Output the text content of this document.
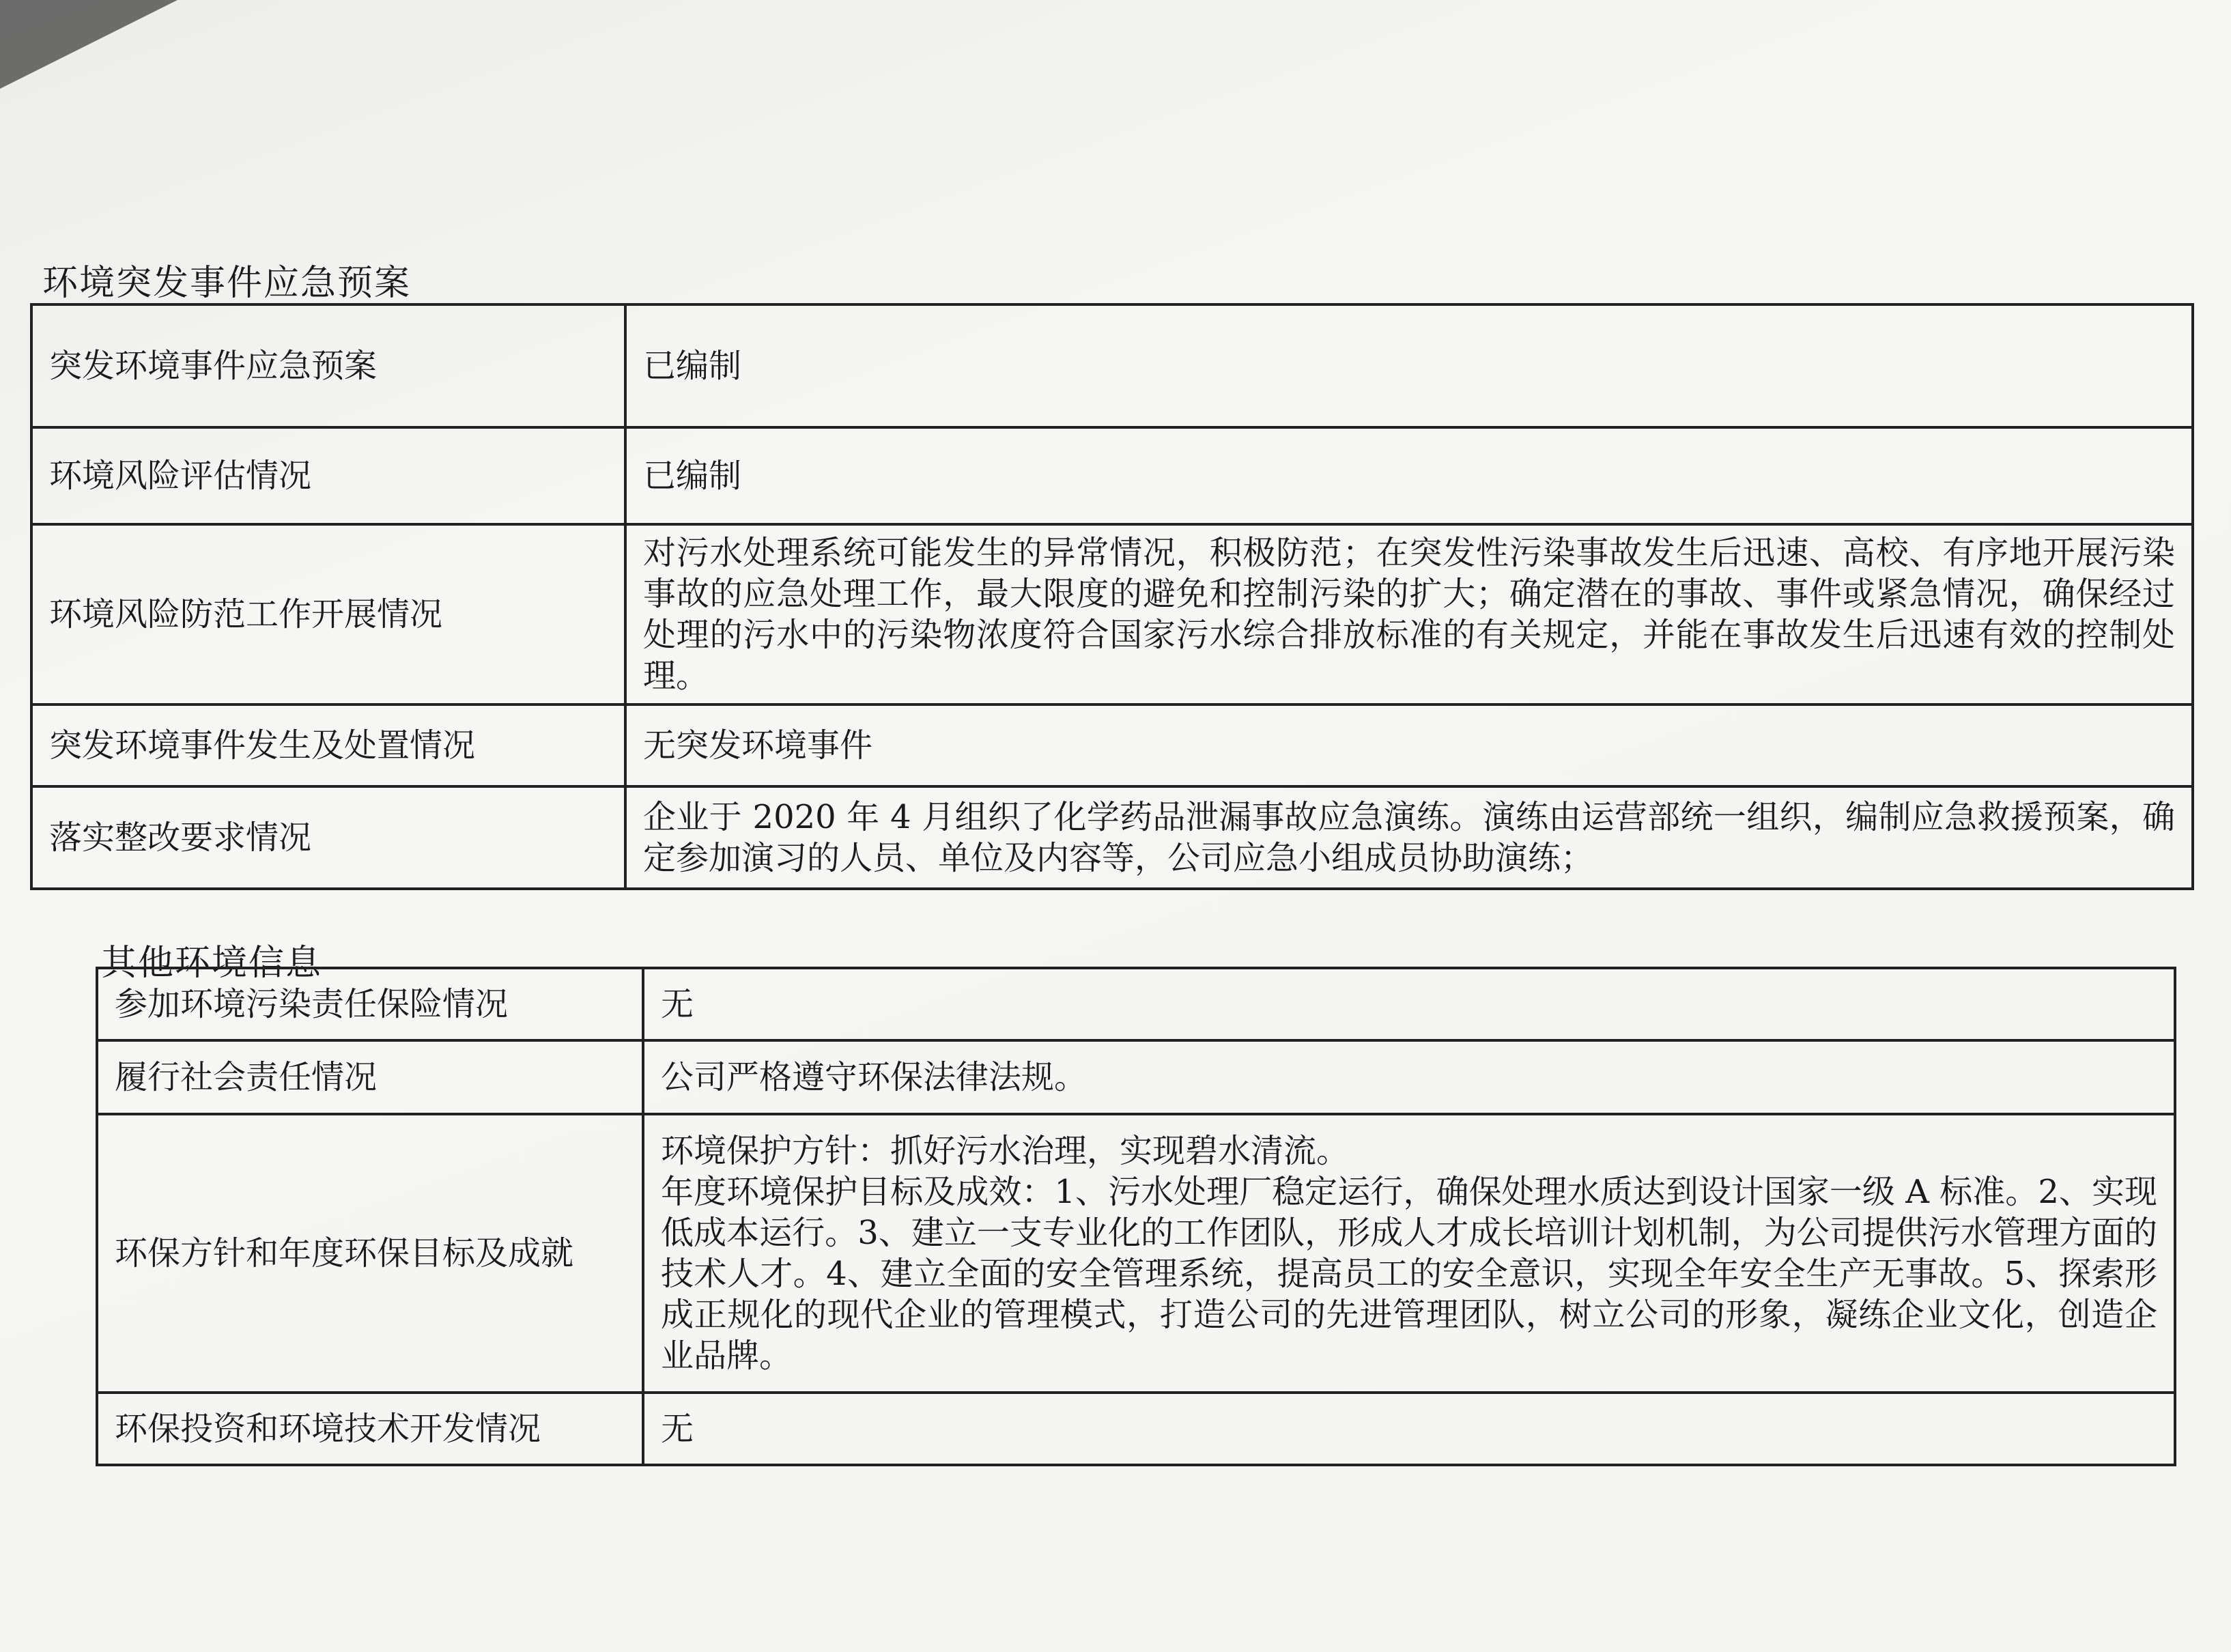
环境突发事件应急预案
突发环境事件应急预案	已编制
环境风险评估情况	已编制
环境风险防范工作开展情况	对污水处理系统可能发生的异常情况，积极防范；在突发性污染事故发生后迅速、高校、有序地开展污染事故的应急处理工作，最大限度的避免和控制污染的扩大；确定潜在的事故、事件或紧急情况，确保经过处理的污水中的污染物浓度符合国家污水综合排放标准的有关规定，并能在事故发生后迅速有效的控制处理。
突发环境事件发生及处置情况	无突发环境事件
落实整改要求情况	企业于 2020 年 4 月组织了化学药品泄漏事故应急演练。演练由运营部统一组织，编制应急救援预案，确定参加演习的人员、单位及内容等，公司应急小组成员协助演练；
其他环境信息
参加环境污染责任保险情况	无
履行社会责任情况	公司严格遵守环保法律法规。
环保方针和年度环保目标及成就	环境保护方针：抓好污水治理，实现碧水清流。
年度环境保护目标及成效：1、污水处理厂稳定运行，确保处理水质达到设计国家一级 A 标准。2、实现低成本运行。3、建立一支专业化的工作团队，形成人才成长培训计划机制，为公司提供污水管理方面的技术人才。4、建立全面的安全管理系统，提高员工的安全意识，实现全年安全生产无事故。5、探索形成正规化的现代企业的管理模式，打造公司的先进管理团队，树立公司的形象，凝练企业文化，创造企业品牌。

环保投资和环境技术开发情况	无
